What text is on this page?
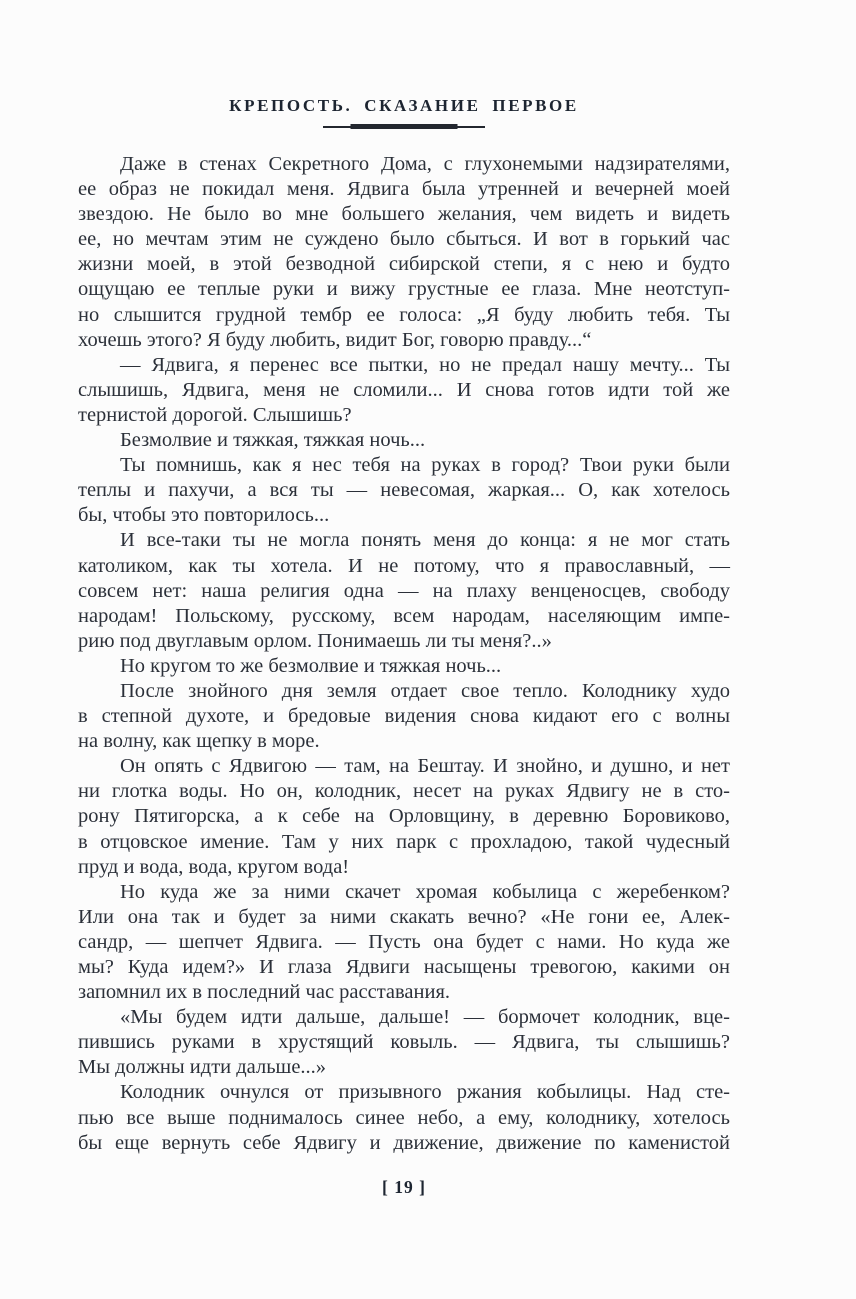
КРЕПОСТЬ. СКАЗАНИЕ ПЕРВОЕ
Даже в стенах Секретного Дома, с глухонемыми надзирателями,
ее образ не покидал меня. Ядвига была утренней и вечерней моей
звездою. Не было во мне большего желания, чем видеть и видеть
ее, но мечтам этим не суждено было сбыться. И вот в горький час
жизни моей, в этой безводной сибирской степи, я с нею и будто
ощущаю ее теплые руки и вижу грустные ее глаза. Мне неотступ-
но слышится грудной тембр ее голоса: „Я буду любить тебя. Ты
хочешь этого? Я буду любить, видит Бог, говорю правду...“
— Ядвига, я перенес все пытки, но не предал нашу мечту... Ты
слышишь, Ядвига, меня не сломили... И снова готов идти той же
тернистой дорогой. Слышишь?
Безмолвие и тяжкая, тяжкая ночь...
Ты помнишь, как я нес тебя на руках в город? Твои руки были
теплы и пахучи, а вся ты — невесомая, жаркая... О, как хотелось
бы, чтобы это повторилось...
И все-таки ты не могла понять меня до конца: я не мог стать
католиком, как ты хотела. И не потому, что я православный, —
совсем нет: наша религия одна — на плаху венценосцев, свободу
народам! Польскому, русскому, всем народам, населяющим импе-
рию под двуглавым орлом. Понимаешь ли ты меня?..»
Но кругом то же безмолвие и тяжкая ночь...
После знойного дня земля отдает свое тепло. Колоднику худо
в степной духоте, и бредовые видения снова кидают его с волны
на волну, как щепку в море.
Он опять с Ядвигою — там, на Бештау. И знойно, и душно, и нет
ни глотка воды. Но он, колодник, несет на руках Ядвигу не в сто-
рону Пятигорска, а к себе на Орловщину, в деревню Боровиково,
в отцовское имение. Там у них парк с прохладою, такой чудесный
пруд и вода, вода, кругом вода!
Но куда же за ними скачет хромая кобылица с жеребенком?
Или она так и будет за ними скакать вечно? «Не гони ее, Алек-
сандр, — шепчет Ядвига. — Пусть она будет с нами. Но куда же
мы? Куда идем?» И глаза Ядвиги насыщены тревогою, какими он
запомнил их в последний час расставания.
«Мы будем идти дальше, дальше! — бормочет колодник, вце-
пившись руками в хрустящий ковыль. — Ядвига, ты слышишь?
Мы должны идти дальше...»
Колодник очнулся от призывного ржания кобылицы. Над сте-
пью все выше поднималось синее небо, а ему, колоднику, хотелось
бы еще вернуть себе Ядвигу и движение, движение по каменистой
[ 19 ]
